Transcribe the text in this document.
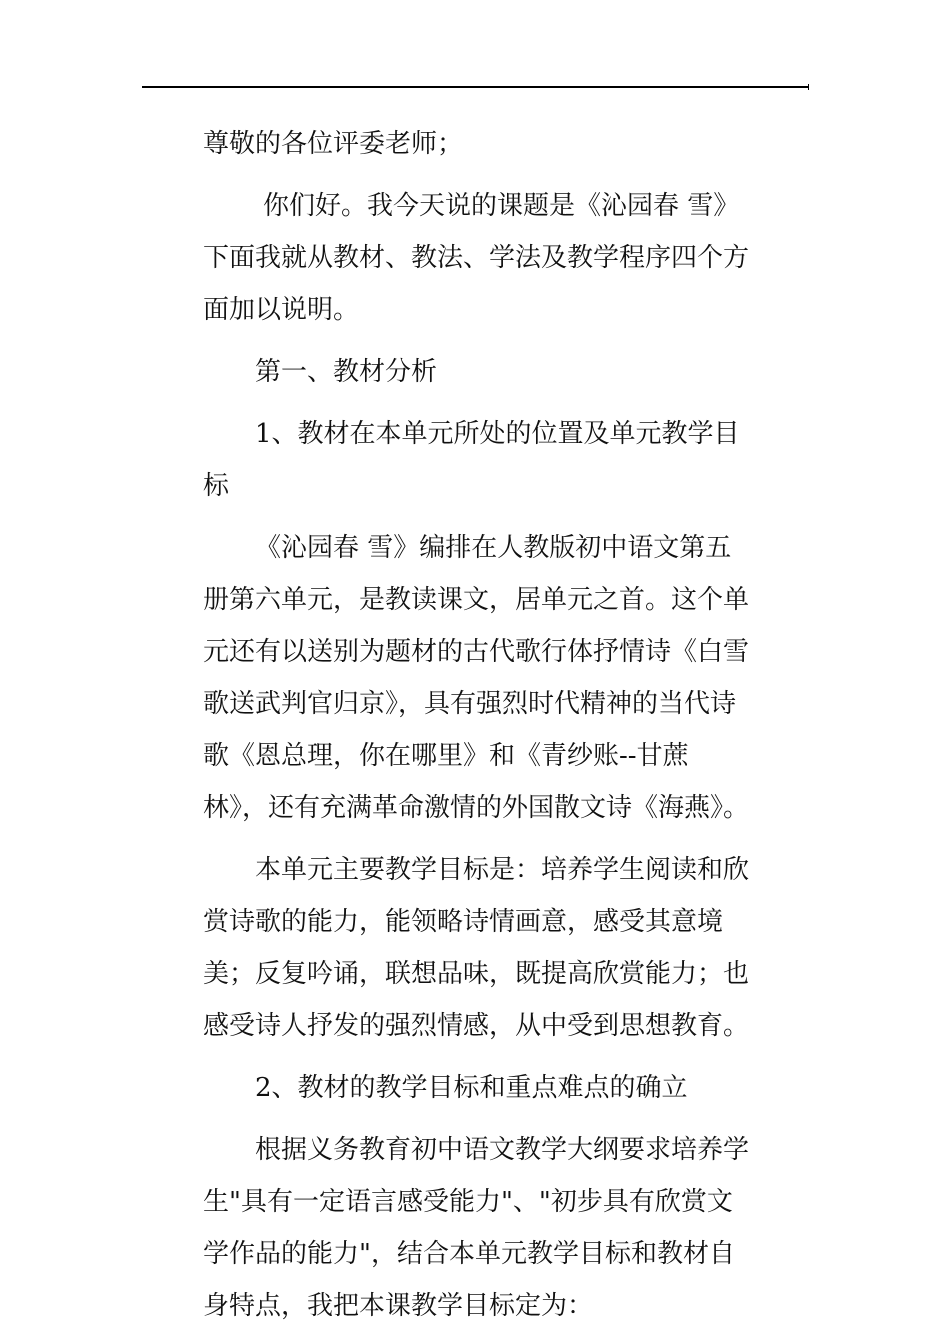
尊敬的各位评委老师；

你们好。我今天说的课题是《沁园春 雪》下面我就从教材、教法、学法及教学程序四个方面加以说明。

第一、教材分析

1、教材在本单元所处的位置及单元教学目标

《沁园春 雪》编排在人教版初中语文第五册第六单元，是教读课文，居单元之首。这个单元还有以送别为题材的古代歌行体抒情诗《白雪歌送武判官归京》，具有强烈时代精神的当代诗歌《恩总理，你在哪里》和《青纱账--甘蔗林》，还有充满革命激情的外国散文诗《海燕》。

本单元主要教学目标是：培养学生阅读和欣赏诗歌的能力，能领略诗情画意，感受其意境美；反复吟诵，联想品味，既提高欣赏能力；也感受诗人抒发的强烈情感，从中受到思想教育。

2、教材的教学目标和重点难点的确立

根据义务教育初中语文教学大纲要求培养学生"具有一定语言感受能力"、"初步具有欣赏文学作品的能力"，结合本单元教学目标和教材自身特点，我把本课教学目标定为：
